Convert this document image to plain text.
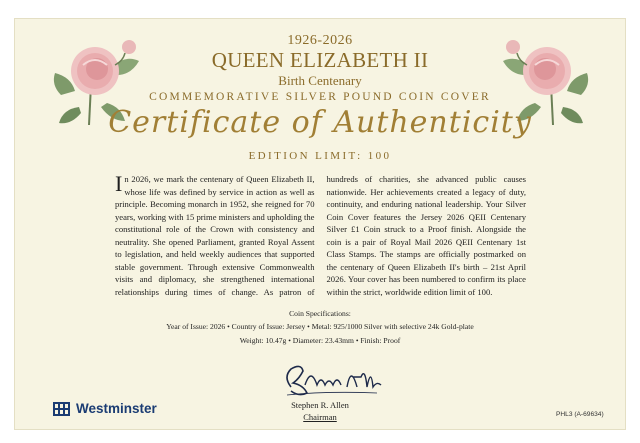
1926-2026
QUEEN ELIZABETH II
Birth Centenary
COMMEMORATIVE SILVER POUND COIN COVER
Certificate of Authenticity
EDITION LIMIT: 100
In 2026, we mark the centenary of Queen Elizabeth II, whose life was defined by service in action as well as principle. Becoming monarch in 1952, she reigned for 70 years, working with 15 prime ministers and upholding the constitutional role of the Crown with consistency and neutrality. She opened Parliament, granted Royal Assent to legislation, and held weekly audiences that supported stable government. Through extensive Commonwealth visits and diplomacy, she strengthened international relationships during times of change. As patron of hundreds of charities, she advanced public causes nationwide. Her achievements created a legacy of duty, continuity, and enduring national leadership. Your Silver Coin Cover features the Jersey 2026 QEII Centenary Silver £1 Coin struck to a Proof finish. Alongside the coin is a pair of Royal Mail 2026 QEII Centenary 1st Class Stamps. The stamps are officially postmarked on the centenary of Queen Elizabeth II's birth – 21st April 2026. Your cover has been numbered to confirm its place within the strict, worldwide edition limit of 100.
Coin Specifications:
Year of Issue: 2026 • Country of Issue: Jersey • Metal: 925/1000 Silver with selective 24k Gold-plate
Weight: 10.47g • Diameter: 23.43mm • Finish: Proof
Stephen R. Allen
Chairman
Westminster	PHL3 (A-69634)
